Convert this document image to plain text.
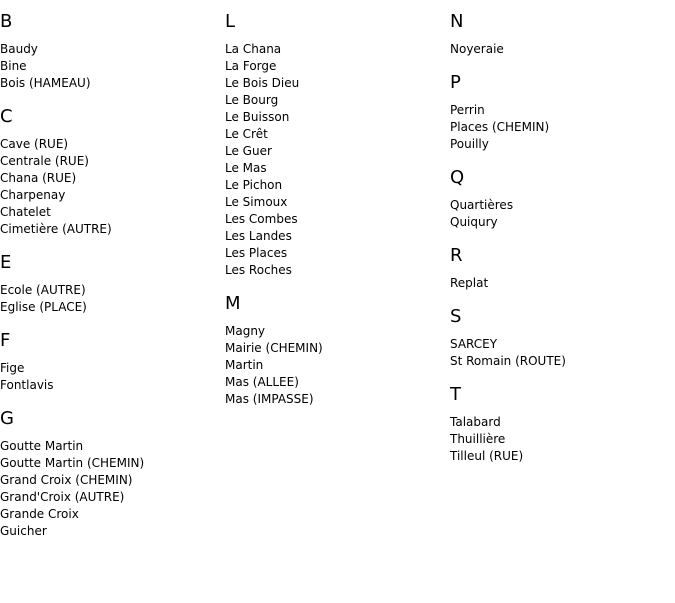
B
Baudy
Bine
Bois (HAMEAU)
C
Cave (RUE)
Centrale (RUE)
Chana (RUE)
Charpenay
Chatelet
Cimetière (AUTRE)
E
Ecole (AUTRE)
Eglise (PLACE)
F
Fige
Fontlavis
G
Goutte Martin
Goutte Martin (CHEMIN)
Grand Croix (CHEMIN)
Grand'Croix (AUTRE)
Grande Croix
Guicher
L
La Chana
La Forge
Le Bois Dieu
Le Bourg
Le Buisson
Le Crêt
Le Guer
Le Mas
Le Pichon
Le Simoux
Les Combes
Les Landes
Les Places
Les Roches
M
Magny
Mairie (CHEMIN)
Martin
Mas (ALLEE)
Mas (IMPASSE)
N
Noyeraie
P
Perrin
Places (CHEMIN)
Pouilly
Q
Quartières
Quiqury
R
Replat
S
SARCEY
St Romain (ROUTE)
T
Talabard
Thuillière
Tilleul (RUE)
